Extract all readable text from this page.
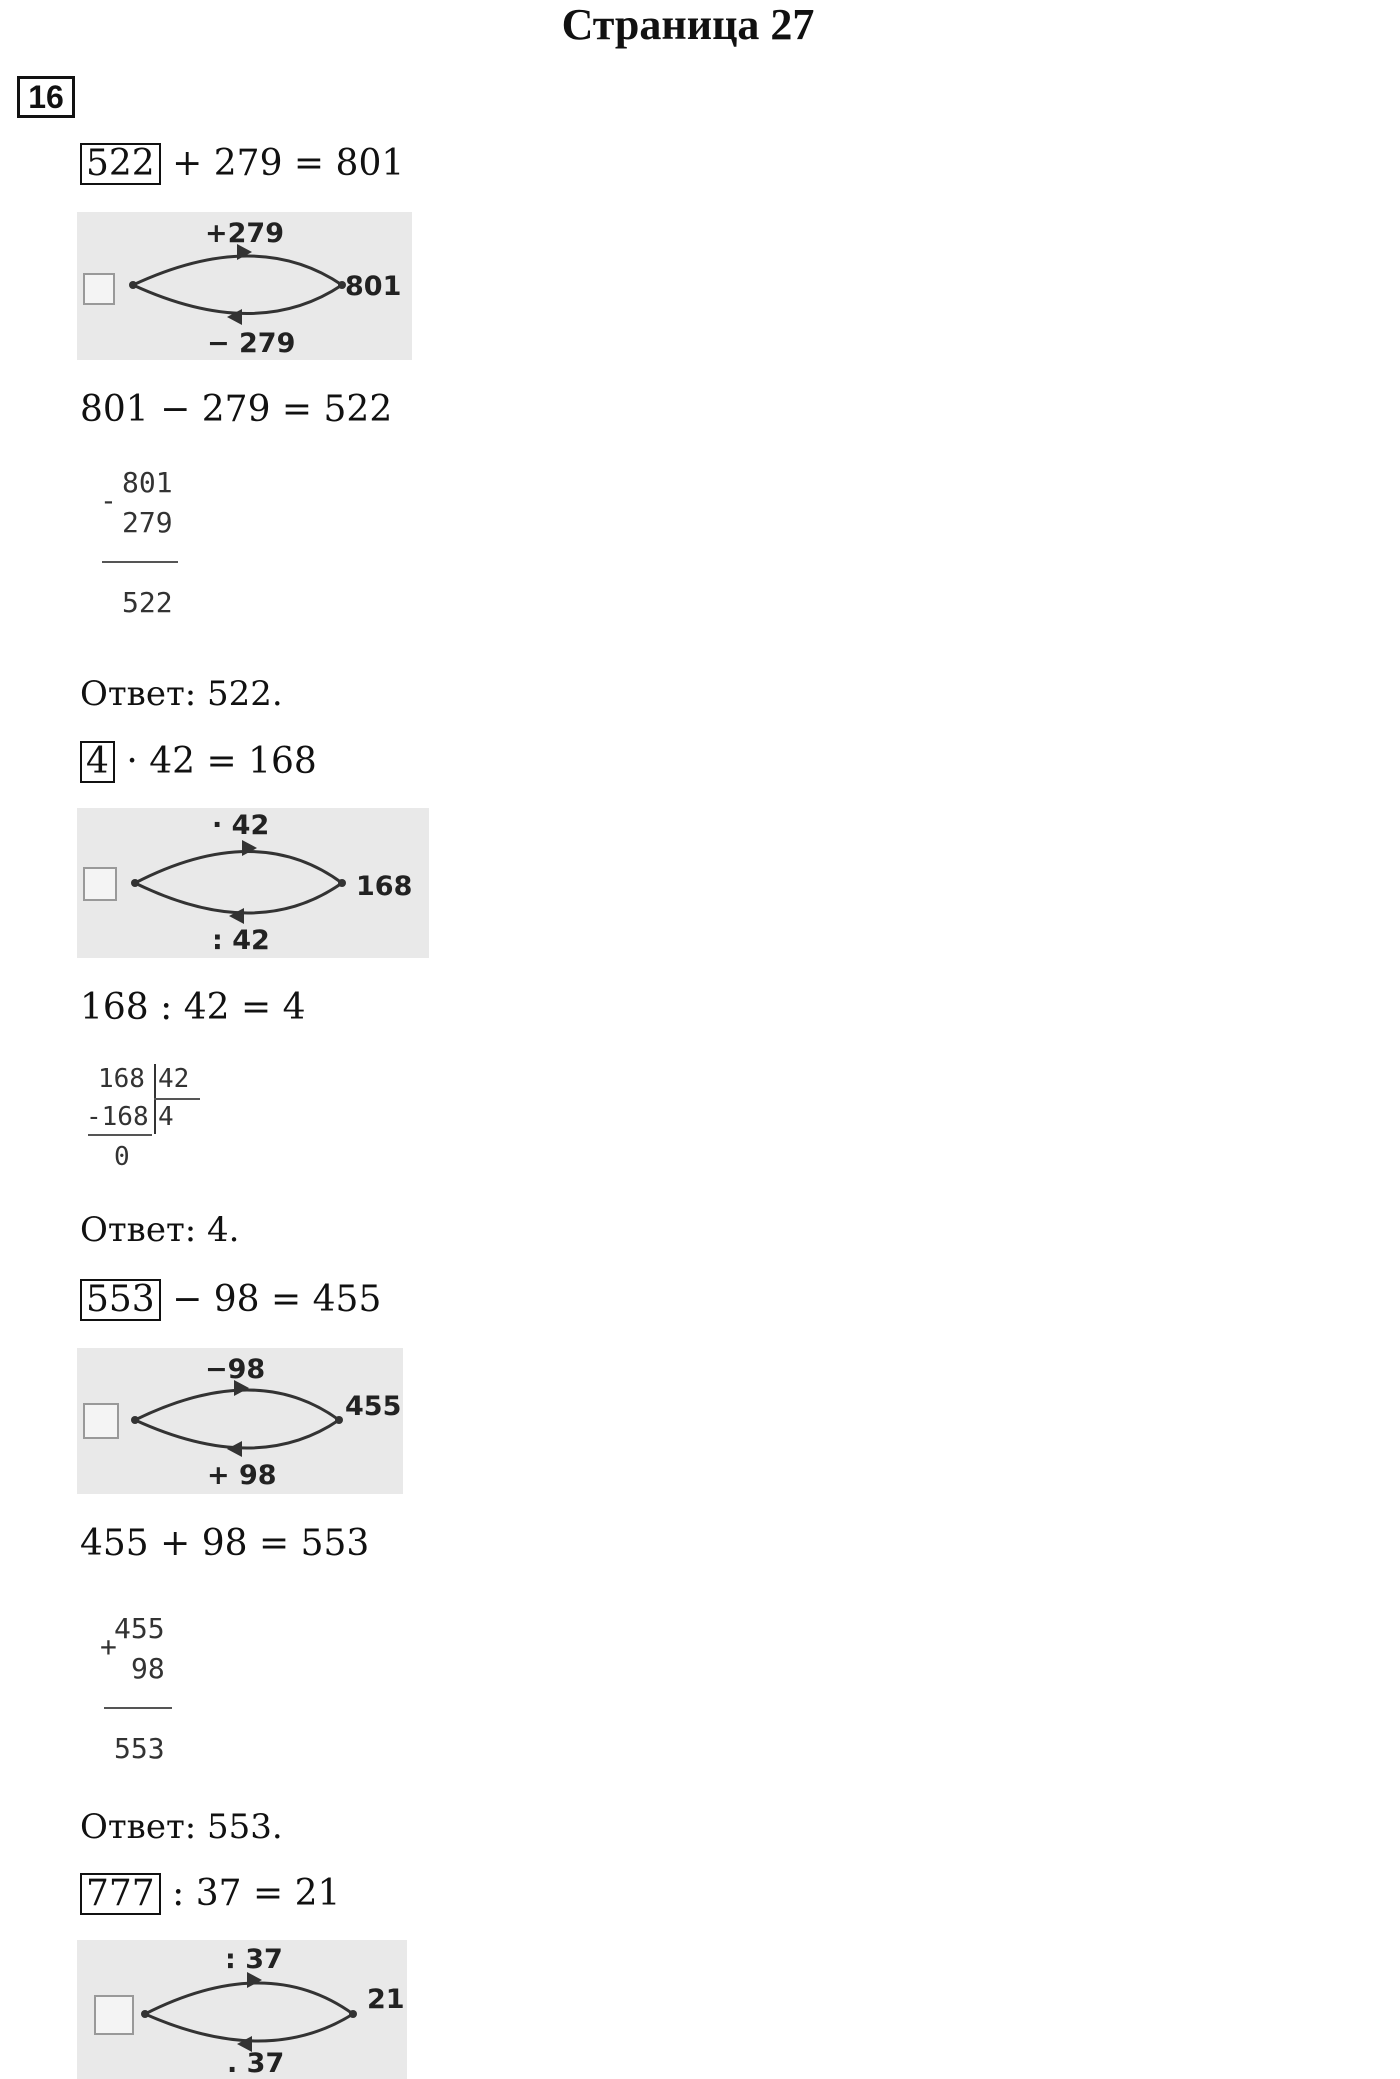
Страница 27
16
522 + 279 = 801
+279
801
− 279
801 − 279 = 522
-
801
279
522
Ответ: 522.
4 · 42 = 168
· 42
168
: 42
168 : 42 = 4
168 42
-168 4
0
Ответ: 4.
553 − 98 = 455
−98
455
+ 98
455 + 98 = 553
+
455
98
553
Ответ: 553.
777 : 37 = 21
: 37
21
. 37
